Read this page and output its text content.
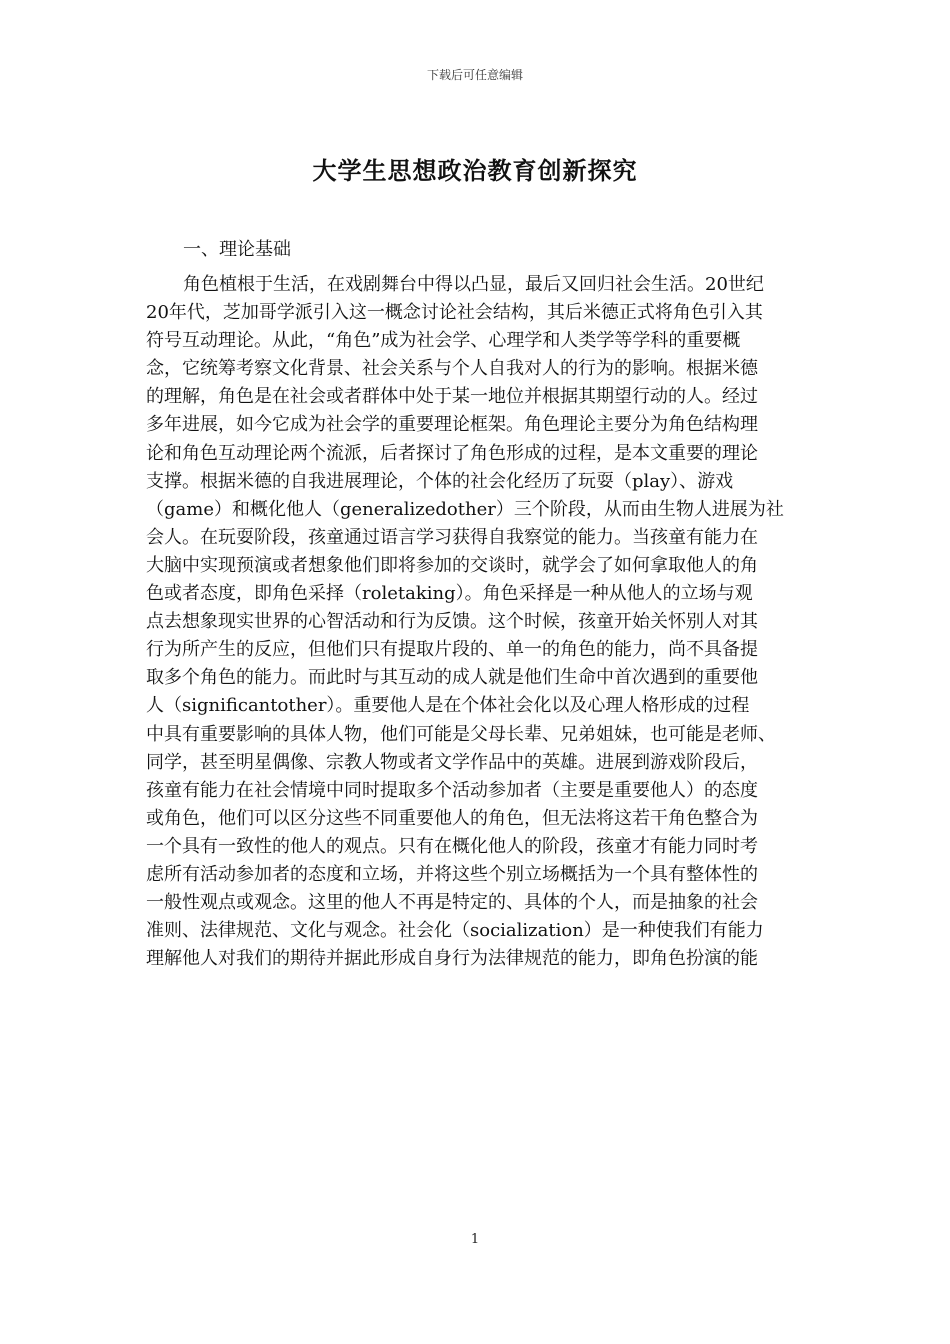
下载后可任意编辑
大学生思想政治教育创新探究
一、理论基础
角色植根于生活，在戏剧舞台中得以凸显，最后又回归社会生活。20世纪
20年代，芝加哥学派引入这一概念讨论社会结构，其后米德正式将角色引入其
符号互动理论。从此，“角色”成为社会学、心理学和人类学等学科的重要概
念，它统筹考察文化背景、社会关系与个人自我对人的行为的影响。根据米德
的理解，角色是在社会或者群体中处于某一地位并根据其期望行动的人。经过
多年进展，如今它成为社会学的重要理论框架。角色理论主要分为角色结构理
论和角色互动理论两个流派，后者探讨了角色形成的过程，是本文重要的理论
支撑。根据米德的自我进展理论，个体的社会化经历了玩耍（play）、游戏
（game）和概化他人（generalizedother）三个阶段，从而由生物人进展为社
会人。在玩耍阶段，孩童通过语言学习获得自我察觉的能力。当孩童有能力在
大脑中实现预演或者想象他们即将参加的交谈时，就学会了如何拿取他人的角
色或者态度，即角色采择（roletaking）。角色采择是一种从他人的立场与观
点去想象现实世界的心智活动和行为反馈。这个时候，孩童开始关怀别人对其
行为所产生的反应，但他们只有提取片段的、单一的角色的能力，尚不具备提
取多个角色的能力。而此时与其互动的成人就是他们生命中首次遇到的重要他
人（significantother）。重要他人是在个体社会化以及心理人格形成的过程
中具有重要影响的具体人物，他们可能是父母长辈、兄弟姐妹，也可能是老师、
同学，甚至明星偶像、宗教人物或者文学作品中的英雄。进展到游戏阶段后，
孩童有能力在社会情境中同时提取多个活动参加者（主要是重要他人）的态度
或角色，他们可以区分这些不同重要他人的角色，但无法将这若干角色整合为
一个具有一致性的他人的观点。只有在概化他人的阶段，孩童才有能力同时考
虑所有活动参加者的态度和立场，并将这些个别立场概括为一个具有整体性的
一般性观点或观念。这里的他人不再是特定的、具体的个人，而是抽象的社会
准则、法律规范、文化与观念。社会化（socialization）是一种使我们有能力
理解他人对我们的期待并据此形成自身行为法律规范的能力，即角色扮演的能
1
